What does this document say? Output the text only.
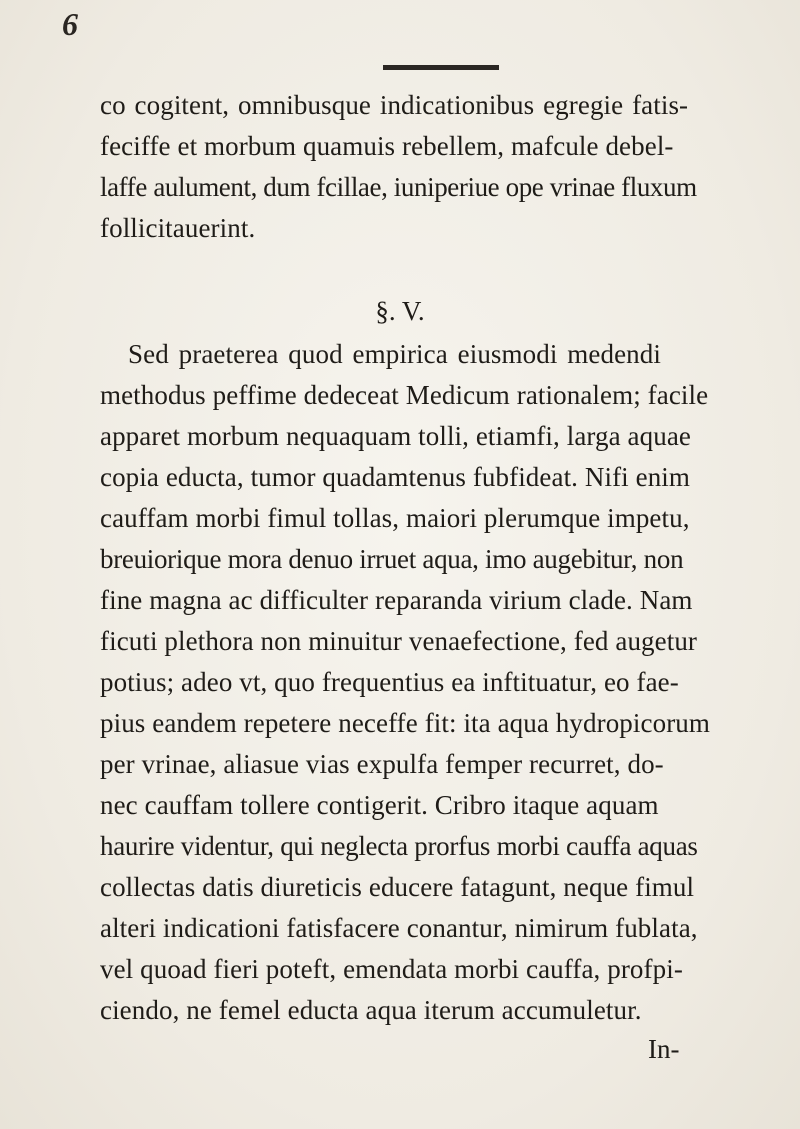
6
co cogitent, omnibusque indicationibus egregie fatis-
feciffe et morbum quamuis rebellem, mafcule debel-
laffe aulument, dum fcillae, iuniperiue ope vrinae fluxum
follicitauerint.
§. V.
Sed praeterea quod empirica eiusmodi medendi
methodus peffime dedeceat Medicum rationalem; facile
apparet morbum nequaquam tolli, etiamfi, larga aquae
copia educta, tumor quadamtenus fubfideat. Nifi enim
cauffam morbi fimul tollas, maiori plerumque impetu,
breuiorique mora denuo irruet aqua, imo augebitur, non
fine magna ac difficulter reparanda virium clade. Nam
ficuti plethora non minuitur venaefectione, fed augetur
potius; adeo vt, quo frequentius ea inftituatur, eo fae-
pius eandem repetere neceffe fit: ita aqua hydropicorum
per vrinae, aliasue vias expulfa femper recurret, do-
nec cauffam tollere contigerit. Cribro itaque aquam
haurire videntur, qui neglecta prorfus morbi cauffa aquas
collectas datis diureticis educere fatagunt, neque fimul
alteri indicationi fatisfacere conantur, nimirum fublata,
vel quoad fieri poteft, emendata morbi cauffa, profpi-
ciendo, ne femel educta aqua iterum accumuletur.
In-
